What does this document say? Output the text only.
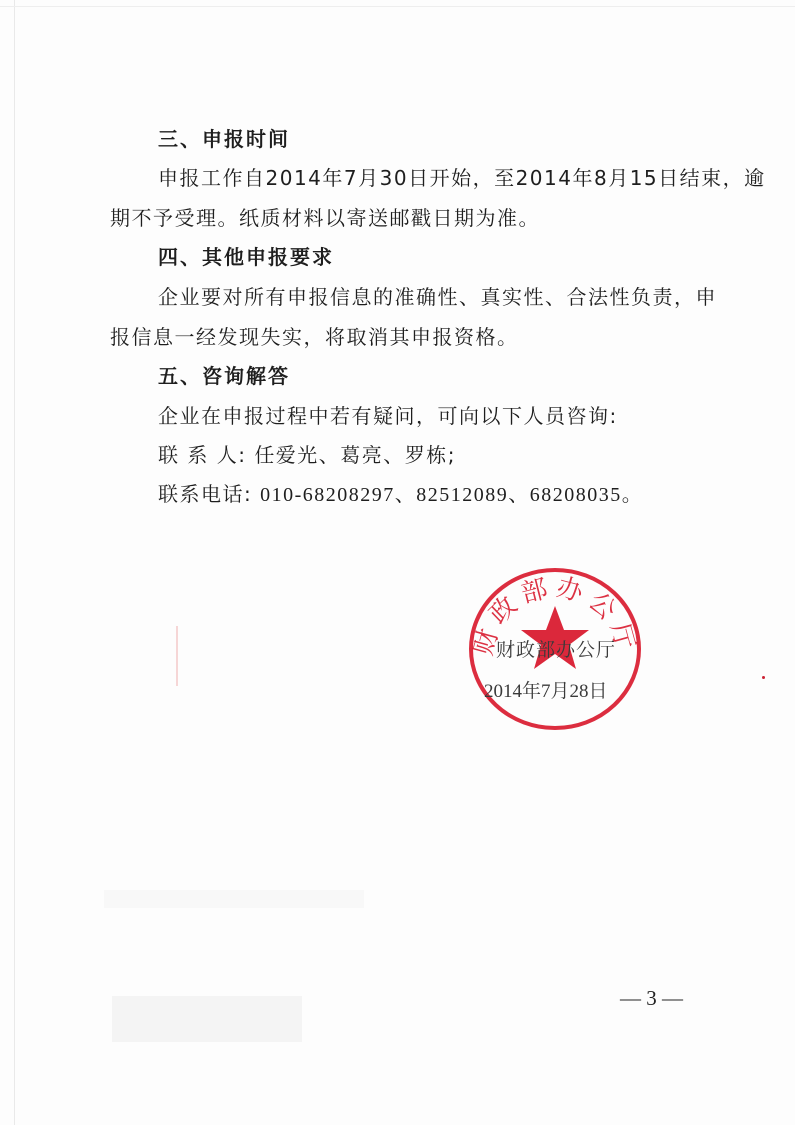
三、申报时间
申报工作自2014年7月30日开始，至2014年8月15日结束，逾
期不予受理。纸质材料以寄送邮戳日期为准。
四、其他申报要求
企业要对所有申报信息的准确性、真实性、合法性负责，申
报信息一经发现失实，将取消其申报资格。
五、咨询解答
企业在申报过程中若有疑问，可向以下人员咨询:
联 系 人: 任爱光、葛亮、罗栋;
联系电话: 010-68208297、82512089、68208035。
财政部办公厅
财政部办公厅
2014年7月28日
— 3 —
